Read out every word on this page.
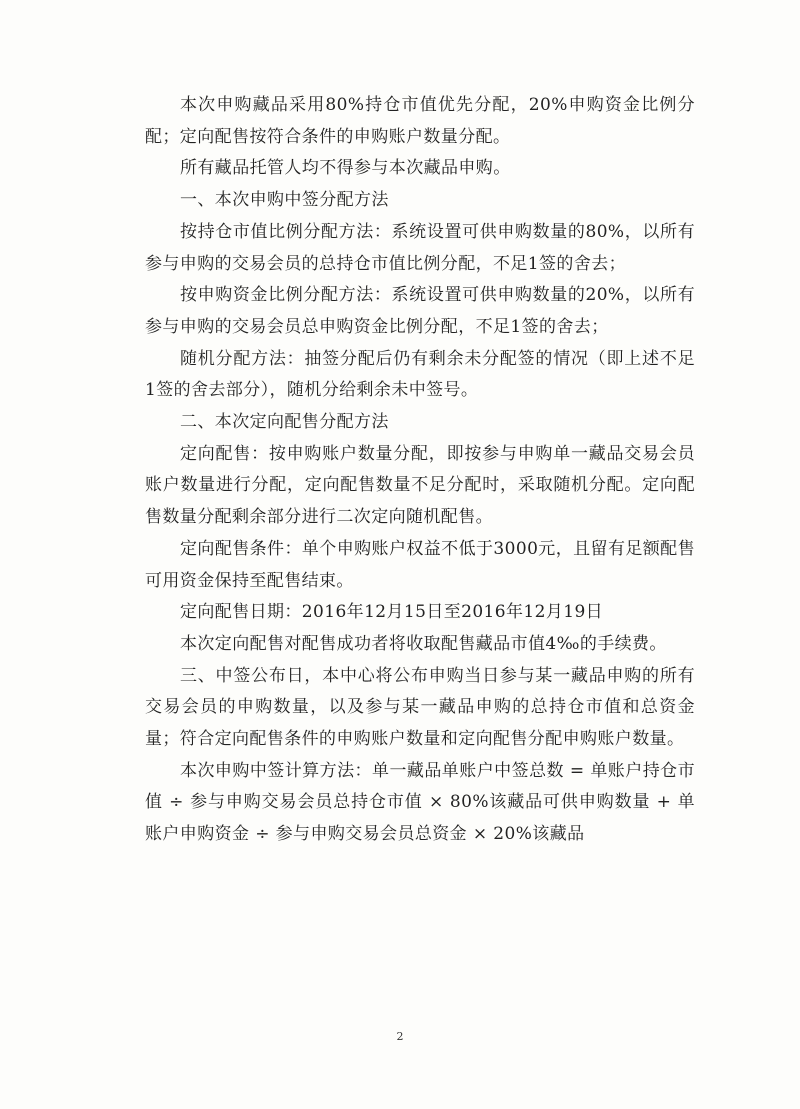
本次申购藏品采用80%持仓市值优先分配，20%申购资金比例分配；定向配售按符合条件的申购账户数量分配。

所有藏品托管人均不得参与本次藏品申购。

一、本次申购中签分配方法

按持仓市值比例分配方法：系统设置可供申购数量的80%，以所有参与申购的交易会员的总持仓市值比例分配，不足1签的舍去；

按申购资金比例分配方法：系统设置可供申购数量的20%，以所有参与申购的交易会员总申购资金比例分配，不足1签的舍去；

随机分配方法：抽签分配后仍有剩余未分配签的情况（即上述不足1签的舍去部分），随机分给剩余未中签号。

二、本次定向配售分配方法

定向配售：按申购账户数量分配，即按参与申购单一藏品交易会员账户数量进行分配，定向配售数量不足分配时，采取随机分配。定向配售数量分配剩余部分进行二次定向随机配售。

定向配售条件：单个申购账户权益不低于3000元，且留有足额配售可用资金保持至配售结束。

定向配售日期：2016年12月15日至2016年12月19日

本次定向配售对配售成功者将收取配售藏品市值4‰的手续费。

三、中签公布日，本中心将公布申购当日参与某一藏品申购的所有交易会员的申购数量，以及参与某一藏品申购的总持仓市值和总资金量；符合定向配售条件的申购账户数量和定向配售分配申购账户数量。

本次申购中签计算方法：单一藏品单账户中签总数 = 单账户持仓市值 ÷ 参与申购交易会员总持仓市值 × 80%该藏品可供申购数量 + 单账户申购资金 ÷ 参与申购交易会员总资金 × 20%该藏品

2
